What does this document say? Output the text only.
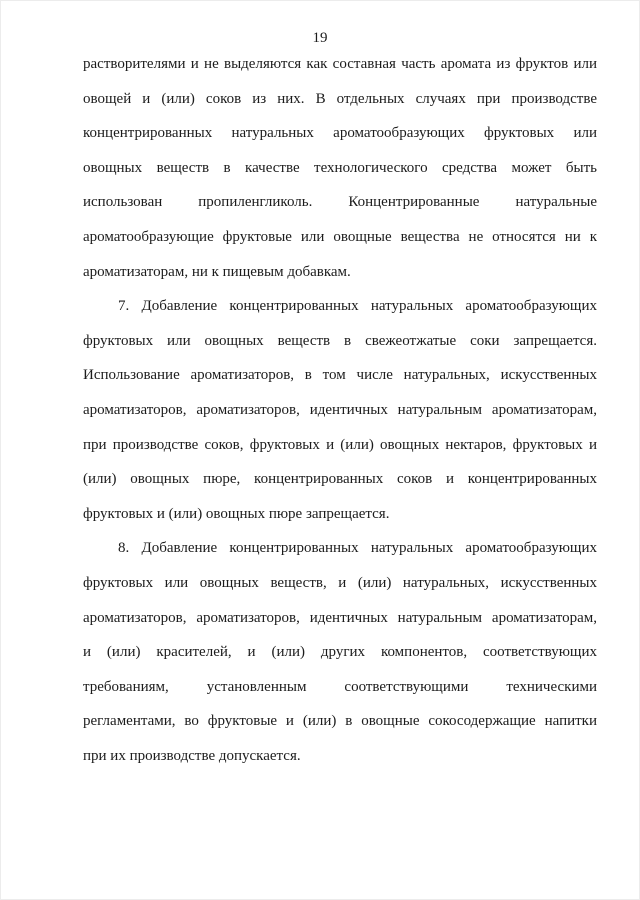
19
растворителями и не выделяются как составная часть аромата из фруктов или
овощей и (или) соков из них. В отдельных случаях при производстве
концентрированных натуральных ароматообразующих фруктовых или
овощных веществ в качестве технологического средства может быть
использован пропиленгликоль. Концентрированные натуральные
ароматообразующие фруктовые или овощные вещества не относятся ни к
ароматизаторам, ни к пищевым добавкам.
7. Добавление концентрированных натуральных ароматообразующих
фруктовых или овощных веществ в свежеотжатые соки запрещается.
Использование ароматизаторов, в том числе натуральных, искусственных
ароматизаторов, ароматизаторов, идентичных натуральным ароматизаторам,
при производстве соков, фруктовых и (или) овощных нектаров, фруктовых и
(или) овощных пюре, концентрированных соков и концентрированных
фруктовых и (или) овощных пюре запрещается.
8. Добавление концентрированных натуральных ароматообразующих
фруктовых или овощных веществ, и (или) натуральных, искусственных
ароматизаторов, ароматизаторов, идентичных натуральным ароматизаторам,
и (или) красителей, и (или) других компонентов, соответствующих
требованиям, установленным соответствующими техническими
регламентами, во фруктовые и (или) в овощные сокосодержащие напитки
при их производстве допускается.
